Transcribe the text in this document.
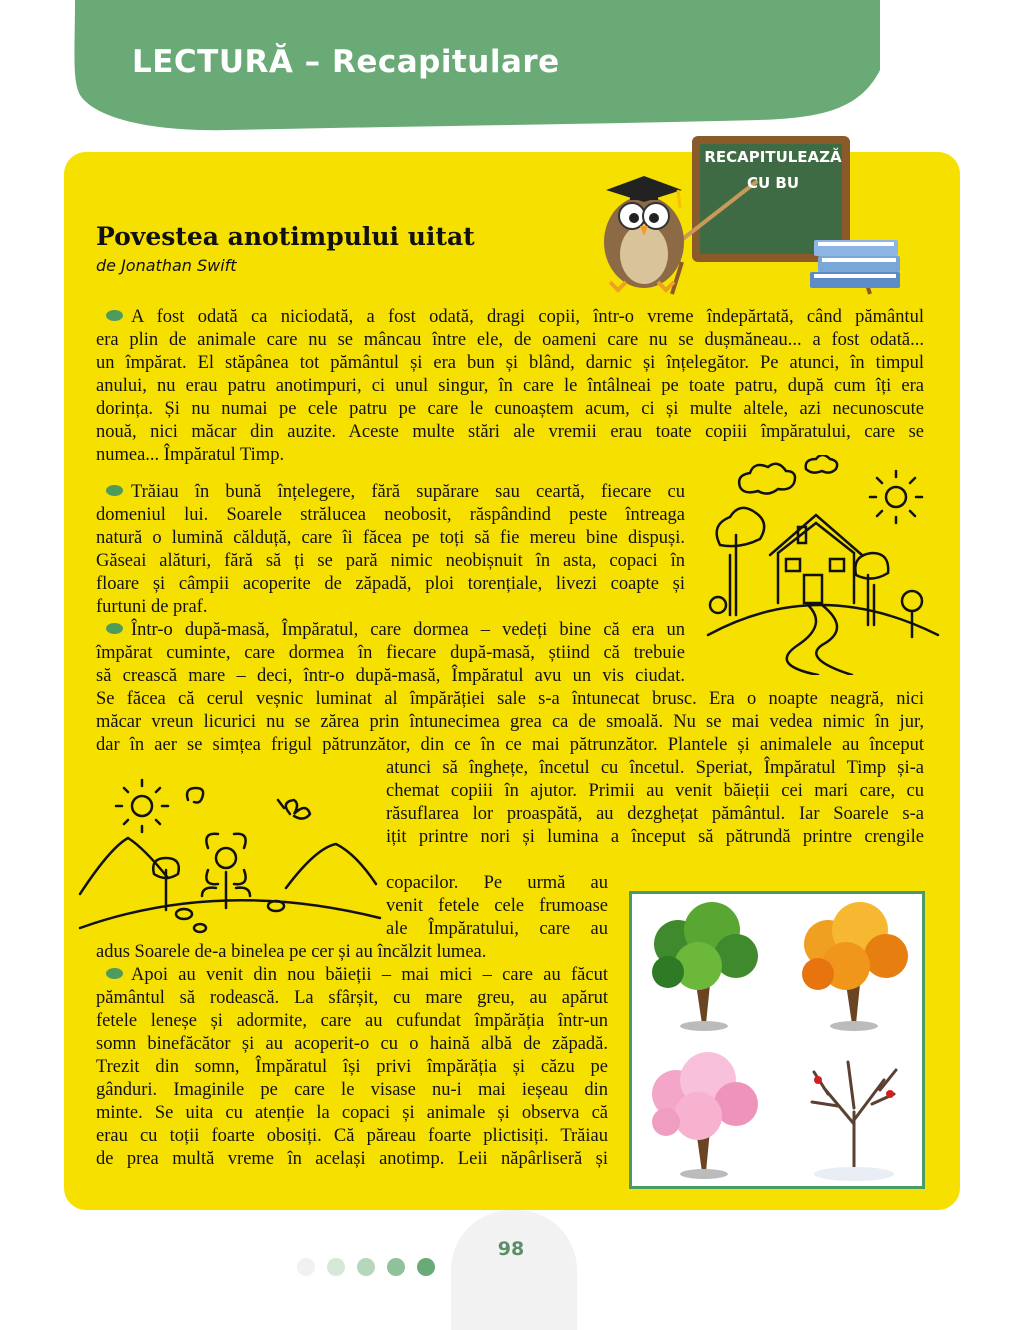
LECTURĂ – Recapitulare
RECAPITULEAZĂ
CU BU
Povestea anotimpului uitat
de Jonathan Swift
A fost odată ca niciodată, a fost odată, dragi copii, într-o vreme îndepărtată, când pământul
era plin de animale care nu se mâncau între ele, de oameni care nu se dușmăneau... a fost odată...
un împărat. El stăpânea tot pământul și era bun și blând, darnic și înțelegător. Pe atunci, în timpul
anului, nu erau patru anotimpuri, ci unul singur, în care le întâlneai pe toate patru, după cum îți era
dorința. Și nu numai pe cele patru pe care le cunoaștem acum, ci și multe altele, azi necunoscute
nouă, nici măcar din auzite. Aceste multe stări ale vremii erau toate copiii împăratului, care se
numea... Împăratul Timp.
Trăiau în bună înțelegere, fără supărare sau ceartă, fiecare cu
domeniul lui. Soarele strălucea neobosit, răspândind peste întreaga
natură o lumină călduță, care îi făcea pe toți să fie mereu bine dispuși.
Găseai alături, fără să ți se pară nimic neobișnuit în asta, copaci în
floare și câmpii acoperite de zăpadă, ploi torențiale, livezi coapte și
furtuni de praf.
Într-o după-masă, Împăratul, care dormea – vedeți bine că era un
împărat cuminte, care dormea în fiecare după-masă, știind că trebuie
să crească mare – deci, într-o după-masă, Împăratul avu un vis ciudat.
Se făcea că cerul veșnic luminat al împărăției sale s-a întunecat brusc. Era o noapte neagră, nici
măcar vreun licurici nu se zărea prin întunecimea grea ca de smoală. Nu se mai vedea nimic în jur,
dar în aer se simțea frigul pătrunzător, din ce în ce mai pătrunzător. Plantele și animalele au început
atunci să înghețe, încetul cu încetul. Speriat, Împăratul Timp și-a
chemat copiii în ajutor. Primii au venit băieții cei mari care, cu
răsuflarea lor proaspătă, au dezghețat pământul. Iar Soarele s-a
ițit printre nori și lumina a început să pătrundă printre crengile
copacilor. Pe urmă au
venit fetele cele frumoase
ale Împăratului, care au
adus Soarele de-a binelea pe cer și au încălzit lumea.
Apoi au venit din nou băieții – mai mici – care au făcut
pământul să rodească. La sfârșit, cu mare greu, au apărut
fetele leneșe și adormite, care au cufundat împărăția într-un
somn binefăcător și au acoperit-o cu o haină albă de zăpadă.
Trezit din somn, Împăratul își privi împărăția și căzu pe
gânduri. Imaginile pe care le visase nu-i mai ieșeau din
minte. Se uita cu atenție la copaci și animale și observa că
erau cu toții foarte obosiți. Că păreau foarte plictisiți. Trăiau
de prea multă vreme în același anotimp. Leii năpârliseră și
98
